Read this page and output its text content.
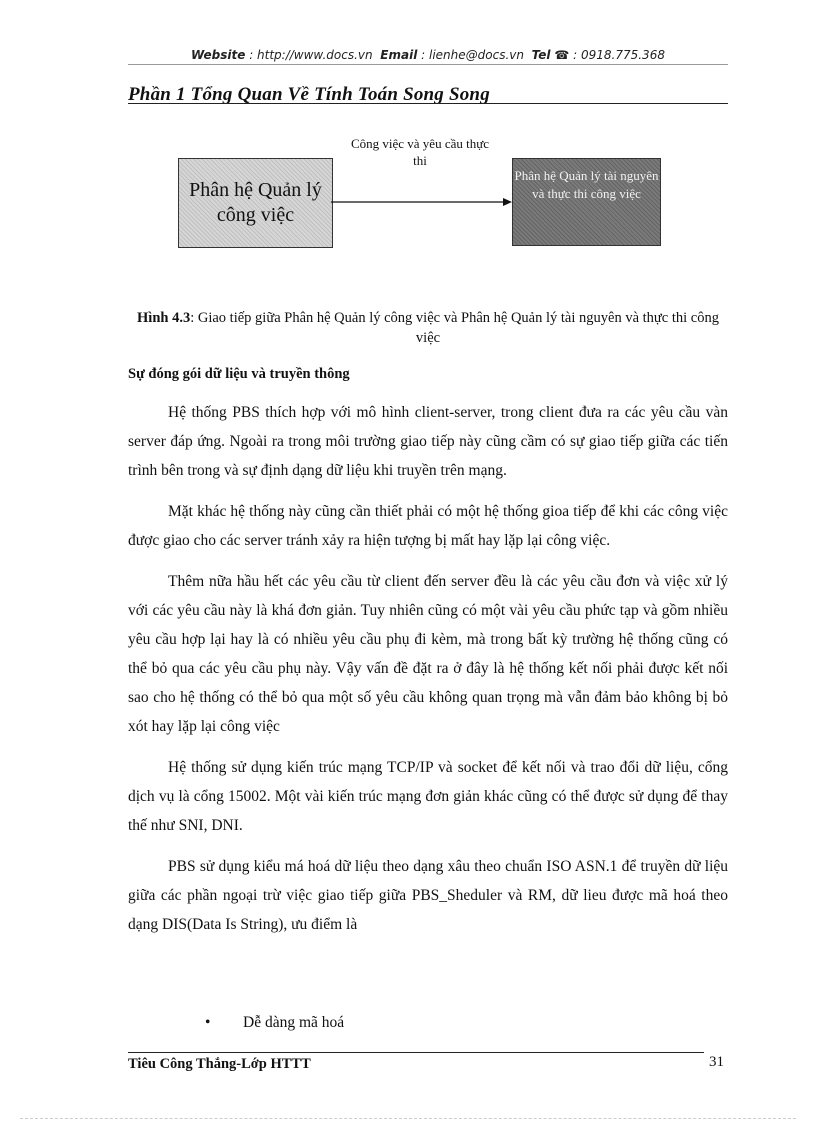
Website : http://www.docs.vn Email : lienhe@docs.vn Tel ☎ : 0918.775.368
Phần 1 Tổng Quan Về Tính Toán Song Song
Phân hệ Quản lý công việc
Công việc và yêu cầu thực thi
Phân hệ Quản lý tài nguyên và thực thi công việc
Hình 4.3: Giao tiếp giữa Phân hệ Quản lý công việc và Phân hệ Quản lý tài nguyên và thực thi công việc
Sự đóng gói dữ liệu và truyền thông

Hệ thống PBS thích hợp với mô hình client-server, trong client đưa ra các yêu cầu vàn server đáp ứng. Ngoài ra trong môi trường giao tiếp này cũng cầm có sự giao tiếp giữa các tiến trình bên trong và sự định dạng dữ liệu khi truyền trên mạng.

Mặt khác hệ thống này cũng cần thiết phải có một hệ thống gioa tiếp để khi các công việc được giao cho các server tránh xảy ra hiện tượng bị mất hay lặp lại công việc.

Thêm nữa hầu hết các yêu cầu từ client đến server đều là các yêu cầu đơn và việc xử lý với các yêu cầu này là khá đơn giản. Tuy nhiên cũng có một vài yêu cầu phức tạp và gồm nhiều yêu cầu hợp lại hay là có nhiều yêu cầu phụ đi kèm, mà trong bất kỳ trường hệ thống cũng có thể bỏ qua các yêu cầu phụ này. Vậy vấn đề đặt ra ở đây là hệ thống kết nối phải được kết nối sao cho hệ thống có thể bỏ qua một số yêu cầu không quan trọng mà vẫn đảm bảo không bị bỏ xót hay lặp lại công việc

Hệ thống sử dụng kiến trúc mạng TCP/IP và socket để kết nối và trao đổi dữ liệu, cổng dịch vụ là cổng 15002. Một vài kiến trúc mạng đơn giản khác cũng có thể được sử dụng để thay thế như SNI, DNI.

PBS sử dụng kiểu má hoá dữ liệu theo dạng xâu theo chuẩn ISO ASN.1 để truyền dữ liệu giữa các phần ngoại trừ việc giao tiếp giữa PBS_Sheduler và RM, dữ lieu được mã hoá theo dạng DIS(Data Is String), ưu điểm là

• Dễ dàng mã hoá
Tiêu Công Thắng-Lớp HTTT	31
